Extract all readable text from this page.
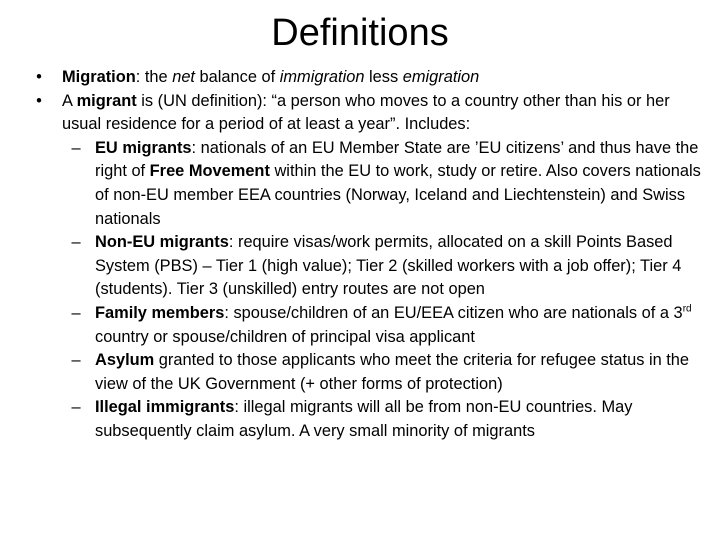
Definitions
• Migration: the net balance of immigration less emigration
• A migrant is (UN definition): “a person who moves to a country other than his or her usual residence for a period of at least a year”. Includes:
– EU migrants: nationals of an EU Member State are ’EU citizens’ and thus have the right of Free Movement within the EU to work, study or retire. Also covers nationals of non-EU member EEA countries (Norway, Iceland and Liechtenstein) and Swiss nationals
– Non-EU migrants: require visas/work permits, allocated on a skill Points Based System (PBS) – Tier 1 (high value); Tier 2 (skilled workers with a job offer); Tier 4 (students). Tier 3 (unskilled) entry routes are not open
– Family members: spouse/children of an EU/EEA citizen who are nationals of a 3rd country or spouse/children of principal visa applicant
– Asylum granted to those applicants who meet the criteria for refugee status in the view of the UK Government (+ other forms of protection)
– Illegal immigrants: illegal migrants will all be from non-EU countries. May subsequently claim asylum. A very small minority of migrants
